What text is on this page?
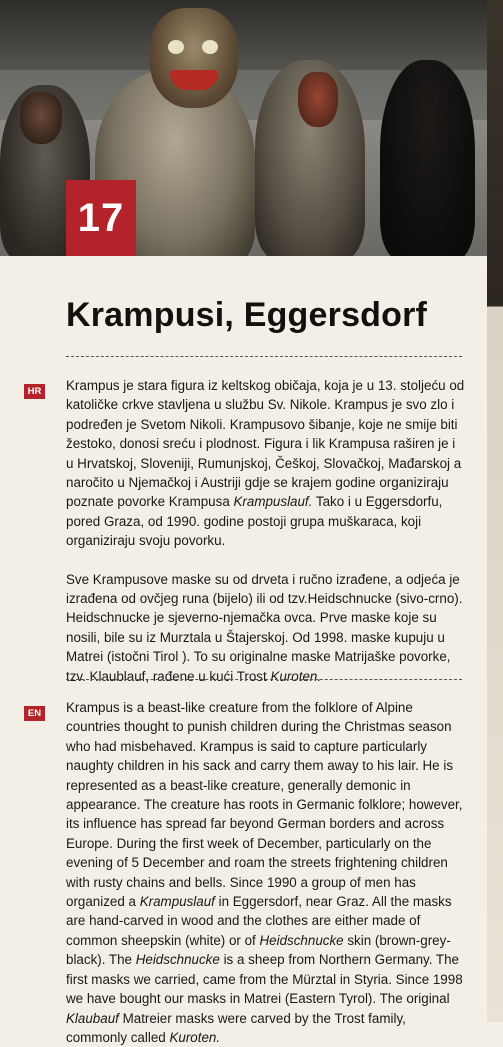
17
Krampusi, Eggersdorf
HR Krampus je stara figura iz keltskog običaja, koja je u 13. stoljeću od katoličke crkve stavljena u službu Sv. Nikole. Krampus je svo zlo i podređen je Svetom Nikoli. Krampusovo šibanje, koje ne smije biti žestoko, donosi sreću i plodnost. Figura i lik Krampusa raširen je i u Hrvatskoj, Sloveniji, Rumunjskoj, Češkoj, Slovačkoj, Mađarskoj a naročito u Njemačkoj i Austriji gdje se krajem godine organiziraju poznate povorke Krampusa Krampuslauf. Tako i u Eggersdorfu, pored Graza, od 1990. godine postoji grupa muškaraca, koji organiziraju svoju povorku.

Sve Krampusove maske su od drveta i ručno izrađene, a odjeća je izrađena od ovčjeg runa (bijelo) ili od tzv.Heidschnucke (sivo-crno). Heidschnucke je sjeverno-njemačka ovca. Prve maske koje su nosili, bile su iz Murztala u Štajerskoj. Od 1998. maske kupuju u Matrei (istočni Tirol ). To su originalne maske Matrijaške povorke, tzv. Klaublauf, rađene u kući Trost Kuroten.

EN Krampus is a beast-like creature from the folklore of Alpine countries thought to punish children during the Christmas season who had misbehaved. Krampus is said to capture particularly naughty children in his sack and carry them away to his lair. He is represented as a beast-like creature, generally demonic in appearance. The creature has roots in Germanic folklore; however, its influence has spread far beyond German borders and across Europe. During the first week of December, particularly on the evening of 5 December and roam the streets frightening children with rusty chains and bells. Since 1990 a group of men has organized a Krampuslauf in Eggersdorf, near Graz. All the masks are hand-carved in wood and the clothes are either made of common sheepskin (white) or of Heidschnucke skin (brown-grey-black). The Heidschnucke is a sheep from Northern Germany. The first masks we carried, came from the Mürztal in Styria. Since 1998 we have bought our masks in Matrei (Eastern Tyrol). The original Klaubauf Matreier masks were carved by the Trost family, commonly called Kuroten.
